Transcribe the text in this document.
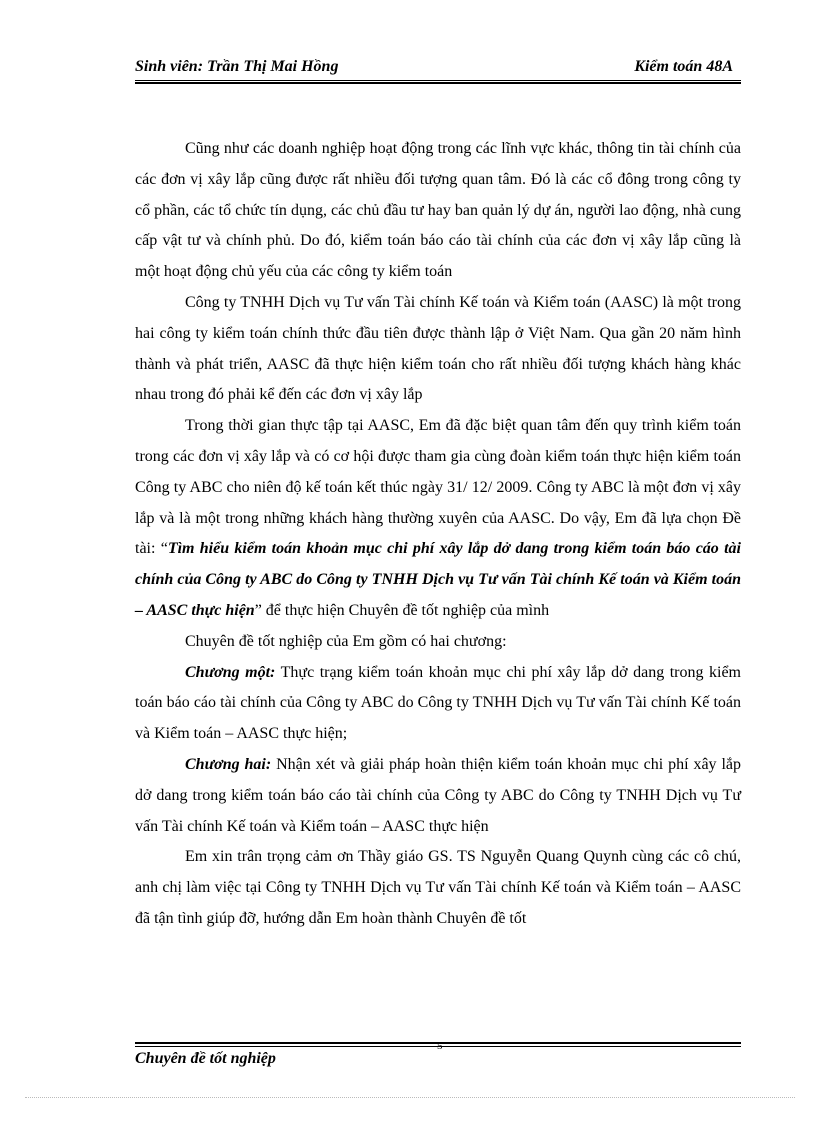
Sinh viên: Trần Thị Mai Hồng	Kiểm toán 48A

Cũng như các doanh nghiệp hoạt động trong các lĩnh vực khác, thông tin tài chính của các đơn vị xây lắp cũng được rất nhiều đối tượng quan tâm. Đó là các cổ đông trong công ty cổ phần, các tổ chức tín dụng, các chủ đầu tư hay ban quản lý dự án, người lao động, nhà cung cấp vật tư và chính phủ. Do đó, kiểm toán báo cáo tài chính của các đơn vị xây lắp cũng là một hoạt động chủ yếu của các công ty kiểm toán

Công ty TNHH Dịch vụ Tư vấn Tài chính Kế toán và Kiểm toán (AASC) là một trong hai công ty kiểm toán chính thức đầu tiên được thành lập ở Việt Nam. Qua gần 20 năm hình thành và phát triển, AASC đã thực hiện kiểm toán cho rất nhiều đối tượng khách hàng khác nhau trong đó phải kể đến các đơn vị xây lắp

Trong thời gian thực tập tại AASC, Em đã đặc biệt quan tâm đến quy trình kiểm toán trong các đơn vị xây lắp và có cơ hội được tham gia cùng đoàn kiểm toán thực hiện kiểm toán Công ty ABC cho niên độ kế toán kết thúc ngày 31/ 12/ 2009. Công ty ABC là một đơn vị xây lắp và là một trong những khách hàng thường xuyên của AASC. Do vậy, Em đã lựa chọn Đề tài: “Tìm hiểu kiểm toán khoản mục chi phí xây lắp dở dang trong kiểm toán báo cáo tài chính của Công ty ABC do Công ty TNHH Dịch vụ Tư vấn Tài chính Kế toán và Kiểm toán – AASC thực hiện” để thực hiện Chuyên đề tốt nghiệp của mình

Chuyên đề tốt nghiệp của Em gồm có hai chương:

Chương một: Thực trạng kiểm toán khoản mục chi phí xây lắp dở dang trong kiểm toán báo cáo tài chính của Công ty ABC do Công ty TNHH Dịch vụ Tư vấn Tài chính Kế toán và Kiểm toán – AASC thực hiện;

Chương hai: Nhận xét và giải pháp hoàn thiện kiểm toán khoản mục chi phí xây lắp dở dang trong kiểm toán báo cáo tài chính của Công ty ABC do Công ty TNHH Dịch vụ Tư vấn Tài chính Kế toán và Kiểm toán – AASC thực hiện

Em xin trân trọng cảm ơn Thầy giáo GS. TS Nguyễn Quang Quynh cùng các cô chú, anh chị làm việc tại Công ty TNHH Dịch vụ Tư vấn Tài chính Kế toán và Kiểm toán – AASC đã tận tình giúp đỡ, hướng dẫn Em hoàn thành Chuyên đề tốt

5
Chuyên đề tốt nghiệp
